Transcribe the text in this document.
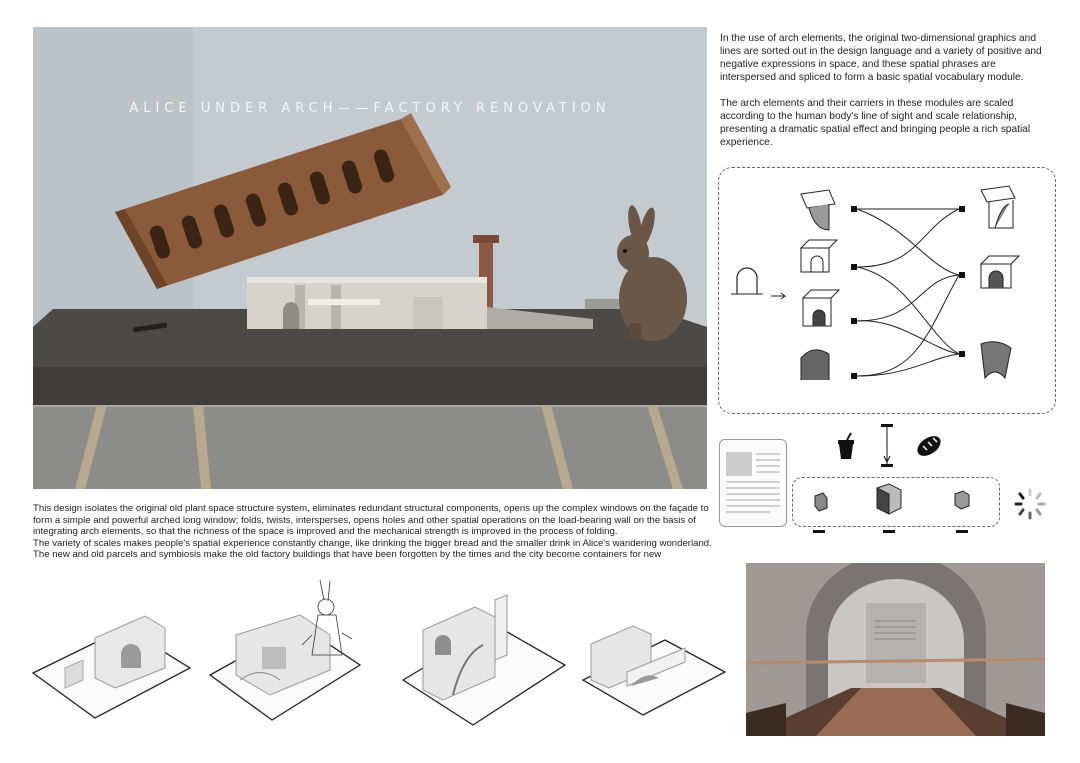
ALICE UNDER ARCH——FACTORY RENOVATION
In the use of arch elements, the original two-dimensional graphics and lines are sorted out in the design language and a variety of positive and negative expressions in space, and these spatial phrases are interspersed and spliced to form a basic spatial vocabulary module.
The arch elements and their carriers in these modules are scaled according to the human body's line of sight and scale relationship, presenting a dramatic spatial effect and bringing people a rich spatial experience.
This design isolates the original old plant space structure system, eliminates redundant structural components, opens up the complex windows on the façade to form a simple and powerful arched long window; folds, twists, intersperses, opens holes and other spatial operations on the load-bearing wall on the basis of integrating arch elements, so that the richness of the space is improved and the mechanical strength is improved in the process of folding.
The variety of scales makes people's spatial experience constantly change, like drinking the bigger bread and the smaller drink in Alice's wandering wonderland.
The new and old parcels and symbiosis make the old factory buildings that have been forgotten by the times and the city become containers for new
